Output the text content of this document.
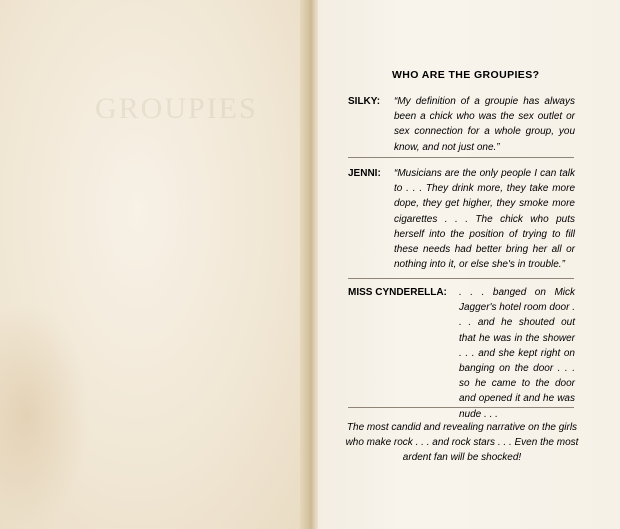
GROUPIES
WHO ARE THE GROUPIES?
SILKY: “My definition of a groupie has always been a chick who was the sex outlet or sex connection for a whole group, you know, and not just one.”
JENNI: “Musicians are the only people I can talk to . . . They drink more, they take more dope, they get higher, they smoke more cigarettes . . . The chick who puts herself into the position of trying to fill these needs had better bring her all or nothing into it, or else she's in trouble.”
MISS CYNDERELLA: . . . banged on Mick Jagger's hotel room door . . . and he shouted out that he was in the shower . . . and she kept right on banging on the door . . . so he came to the door and opened it and he was nude . . .
The most candid and revealing narrative on the girls who make rock . . . and rock stars . . . Even the most ardent fan will be shocked!
